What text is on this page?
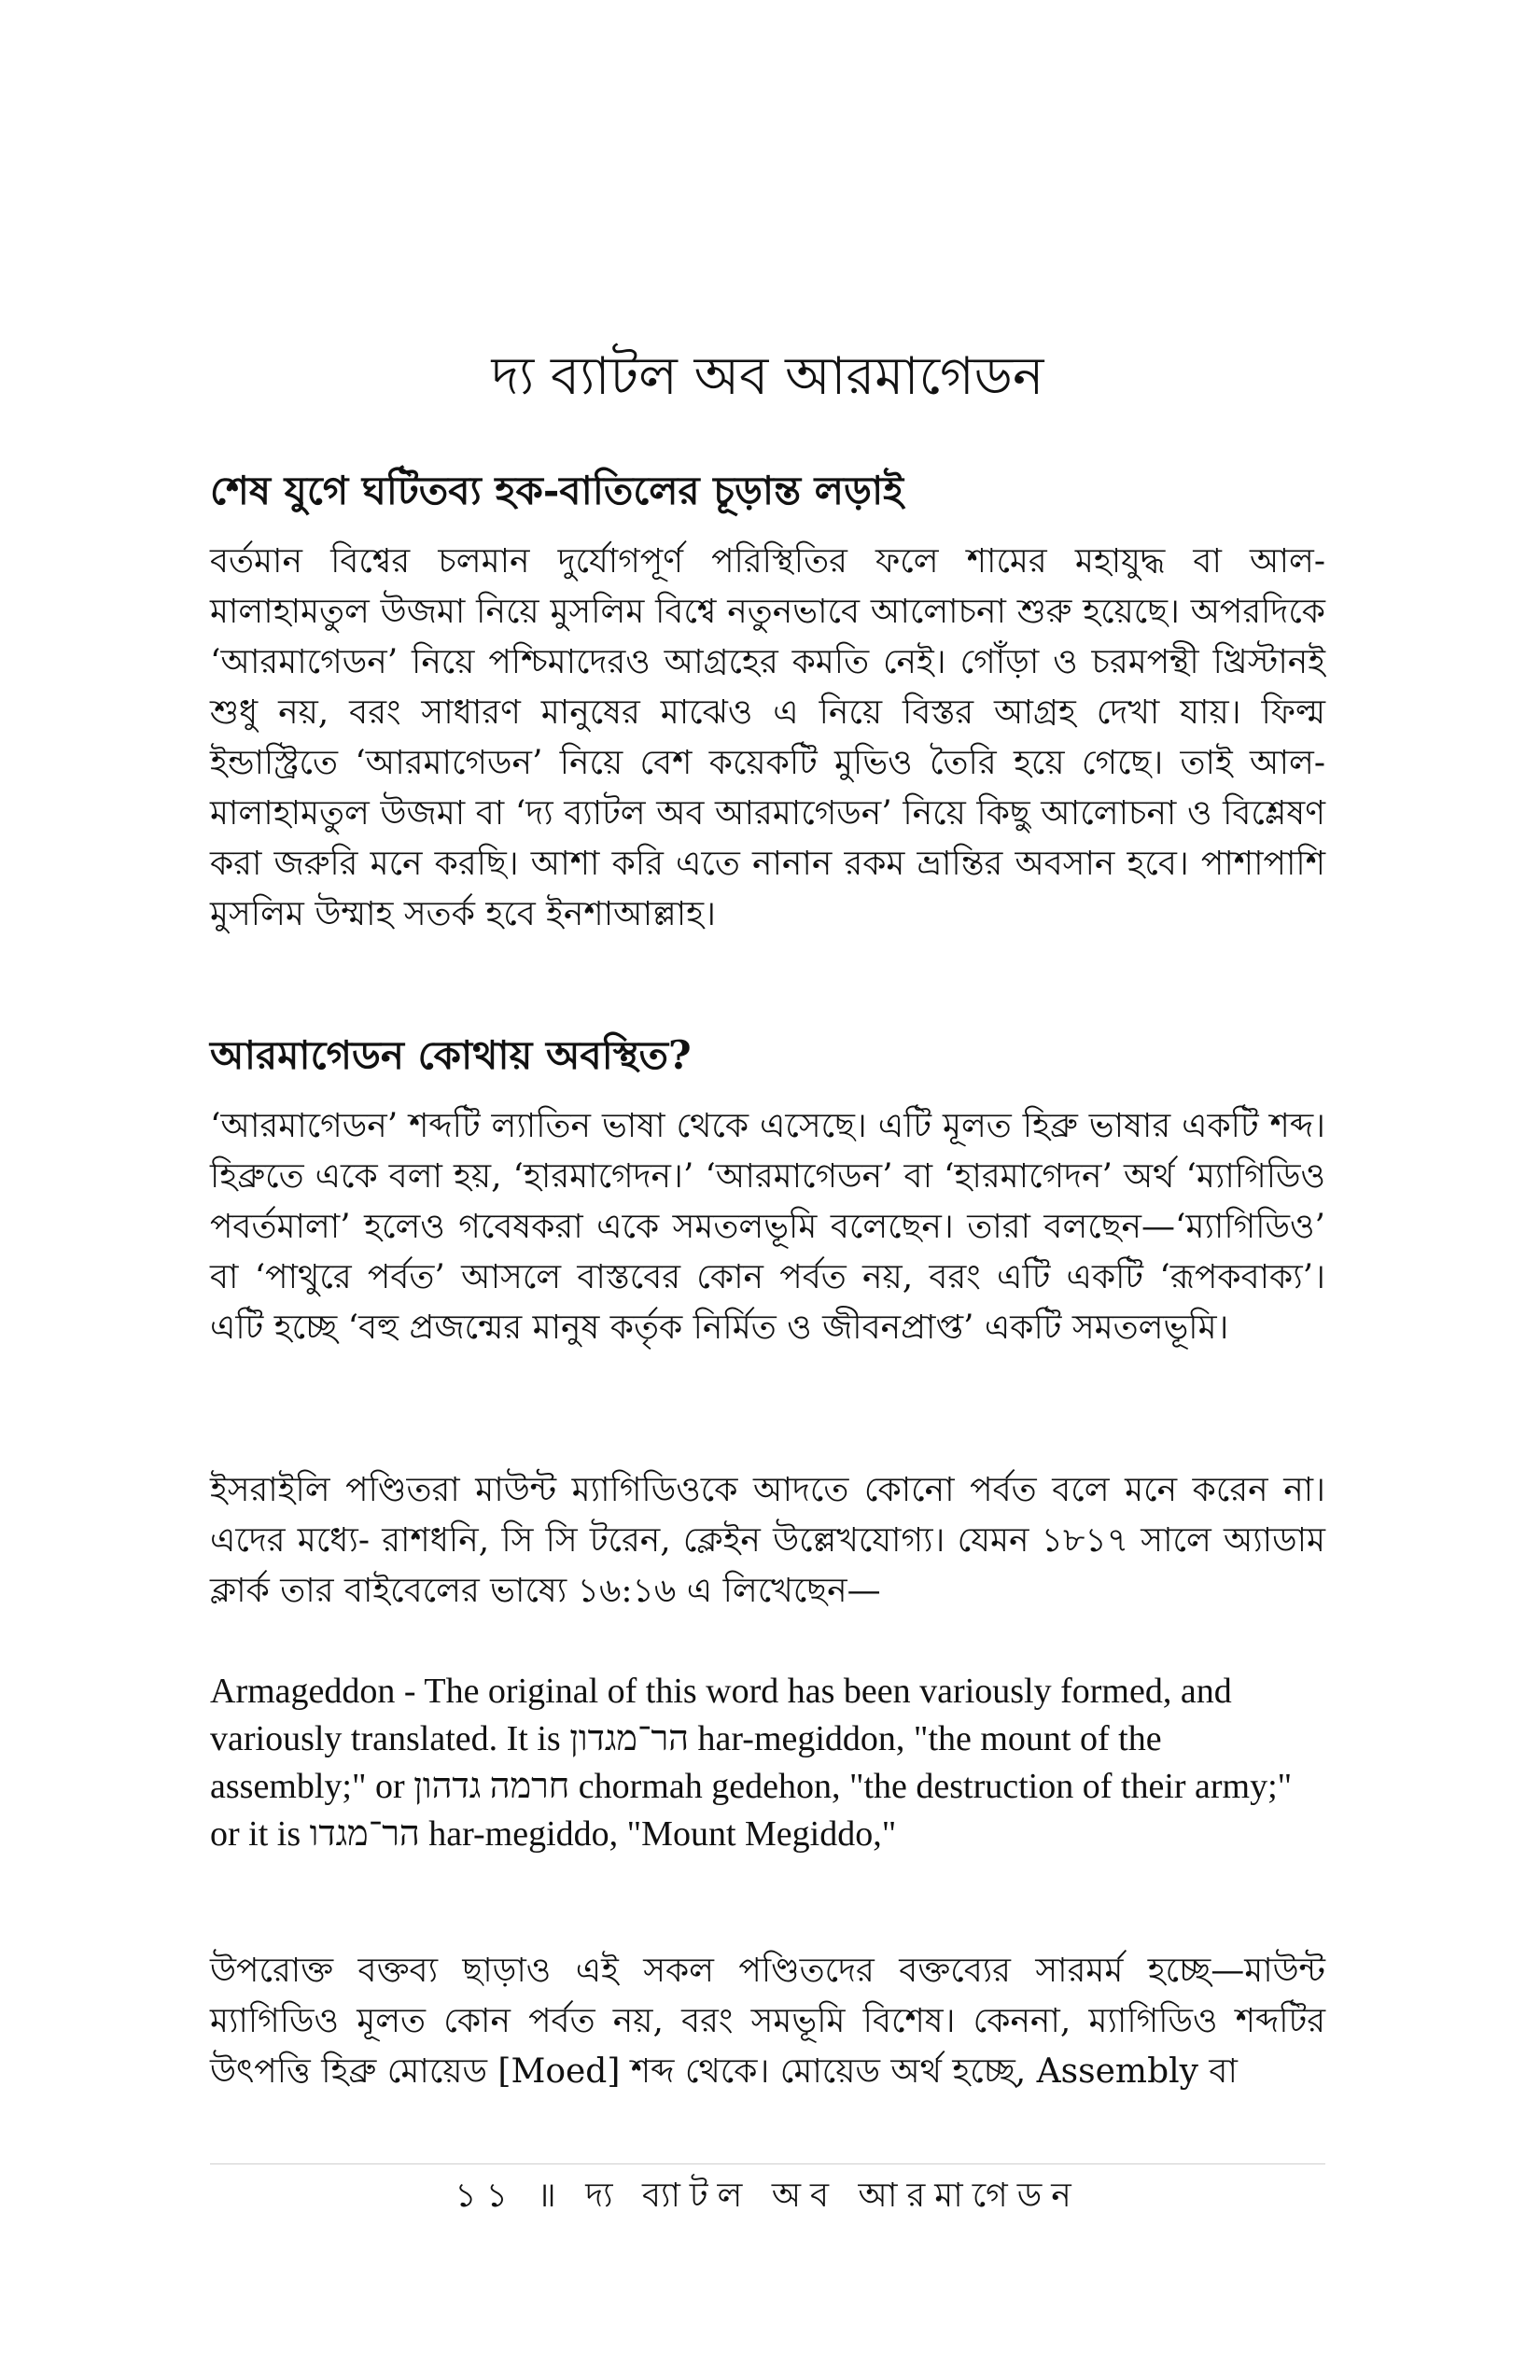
দ্য ব্যাটল অব আরমাগেডন
শেষ যুগে ঘটিতব্য হক-বাতিলের চূড়ান্ত লড়াই

বর্তমান বিশ্বের চলমান দুর্যোগপূর্ণ পরিস্থিতির ফলে শামের মহাযুদ্ধ বা আল-মালাহামতুল উজমা নিয়ে মুসলিম বিশ্বে নতুনভাবে আলোচনা শুরু হয়েছে। অপরদিকে ‘আরমাগেডন’ নিয়ে পশ্চিমাদেরও আগ্রহের কমতি নেই। গোঁড়া ও চরমপন্থী খ্রিস্টানই শুধু নয়, বরং সাধারণ মানুষের মাঝেও এ নিয়ে বিস্তর আগ্রহ দেখা যায়। ফিল্ম ইন্ডাস্ট্রিতে ‘আরমাগেডন’ নিয়ে বেশ কয়েকটি মুভিও তৈরি হয়ে গেছে। তাই আল-মালাহামতুল উজমা বা ‘দ্য ব্যাটল অব আরমাগেডন’ নিয়ে কিছু আলোচনা ও বিশ্লেষণ করা জরুরি মনে করছি। আশা করি এতে নানান রকম ভ্রান্তির অবসান হবে। পাশাপাশি মুসলিম উম্মাহ সতর্ক হবে ইনশাআল্লাহ।

আরমাগেডন কোথায় অবস্থিত?

‘আরমাগেডন’ শব্দটি ল্যাতিন ভাষা থেকে এসেছে। এটি মূলত হিব্রু ভাষার একটি শব্দ। হিব্রুতে একে বলা হয়, ‘হারমাগেদন।’ ‘আরমাগেডন’ বা ‘হারমাগেদন’ অর্থ ‘ম্যাগিডিও পবর্তমালা’ হলেও গবেষকরা একে সমতলভূমি বলেছেন। তারা বলছেন—‘ম্যাগিডিও’ বা ‘পাথুরে পর্বত’ আসলে বাস্তবের কোন পর্বত নয়, বরং এটি একটি ‘রূপকবাক্য’। এটি হচ্ছে ‘বহু প্রজন্মের মানুষ কর্তৃক নির্মিত ও জীবনপ্রাপ্ত’ একটি সমতলভূমি।

ইসরাইলি পণ্ডিতরা মাউন্ট ম্যাগিডিওকে আদতে কোনো পর্বত বলে মনে করেন না। এদের মধ্যে- রাশধনি, সি সি টরেন, ক্লেইন উল্লেখযোগ্য। যেমন ১৮১৭ সালে অ্যাডাম ক্লার্ক তার বাইবেলের ভাষ্যে ১৬:১৬ এ লিখেছেন—

Armageddon - The original of this word has been variously formed, and variously translated. It is הר־מגדון har-megiddon, "the mount of the assembly;" or חרמה גדהון chormah gedehon, "the destruction of their army;" or it is הר־מגדו har-megiddo, "Mount Megiddo,"

উপরোক্ত বক্তব্য ছাড়াও এই সকল পণ্ডিতদের বক্তব্যের সারমর্ম হচ্ছে—মাউন্ট ম্যাগিডিও মূলত কোন পর্বত নয়, বরং সমভূমি বিশেষ। কেননা, ম্যাগিডিও শব্দটির উৎপত্তি হিব্রু মোয়েড [Moed] শব্দ থেকে। মোয়েড অর্থ হচ্ছে, Assembly বা

১১ ॥ দ্য ব্যাটল অব আরমাগেডন
